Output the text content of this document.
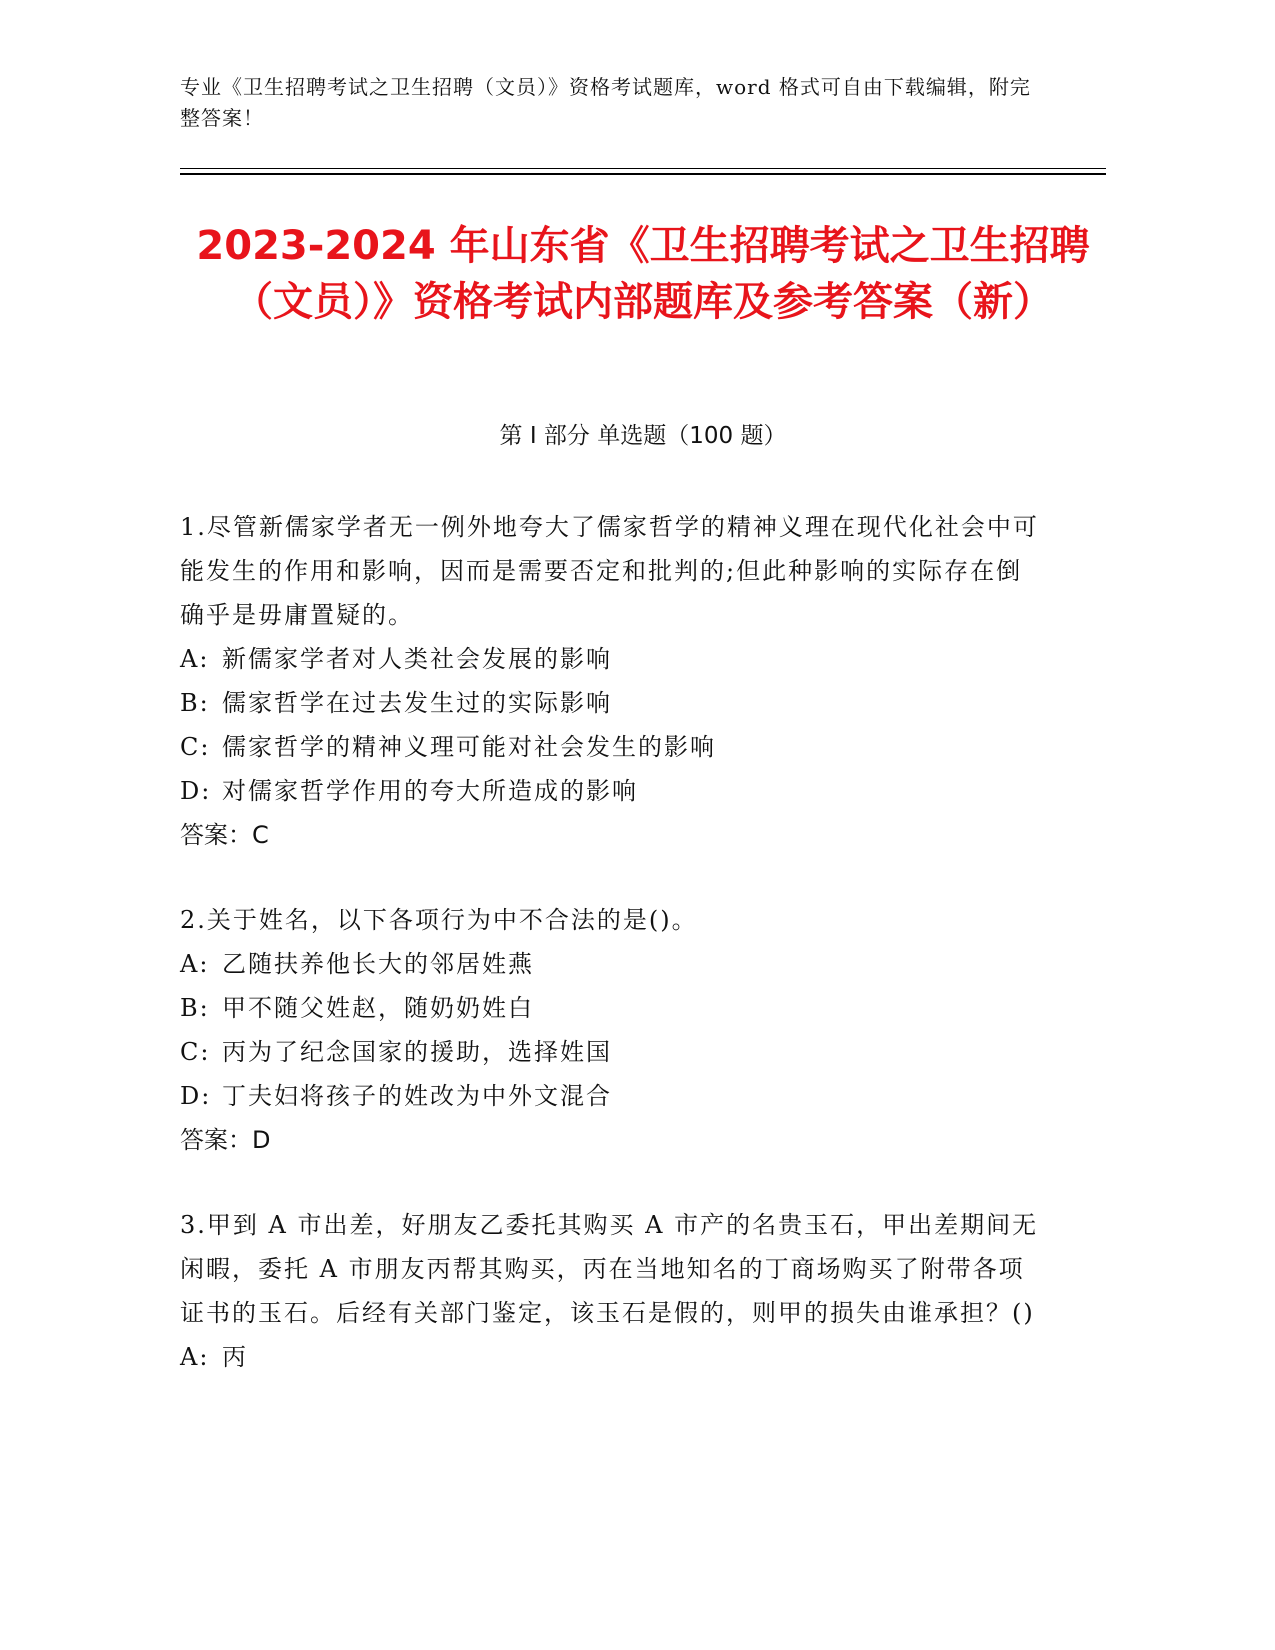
专业《卫生招聘考试之卫生招聘（文员）》资格考试题库，word 格式可自由下载编辑，附完整答案！
2023-2024 年山东省《卫生招聘考试之卫生招聘（文员）》资格考试内部题库及参考答案（新）
第 I 部分 单选题（100 题）
1.尽管新儒家学者无一例外地夸大了儒家哲学的精神义理在现代化社会中可能发生的作用和影响，因而是需要否定和批判的;但此种影响的实际存在倒确乎是毋庸置疑的。
A: 新儒家学者对人类社会发展的影响
B: 儒家哲学在过去发生过的实际影响
C: 儒家哲学的精神义理可能对社会发生的影响
D: 对儒家哲学作用的夸大所造成的影响
答案：C
2.关于姓名，以下各项行为中不合法的是()。
A: 乙随扶养他长大的邻居姓燕
B: 甲不随父姓赵，随奶奶姓白
C: 丙为了纪念国家的援助，选择姓国
D: 丁夫妇将孩子的姓改为中外文混合
答案：D
3.甲到 A 市出差，好朋友乙委托其购买 A 市产的名贵玉石，甲出差期间无闲暇，委托 A 市朋友丙帮其购买，丙在当地知名的丁商场购买了附带各项证书的玉石。后经有关部门鉴定，该玉石是假的，则甲的损失由谁承担？()
A: 丙
